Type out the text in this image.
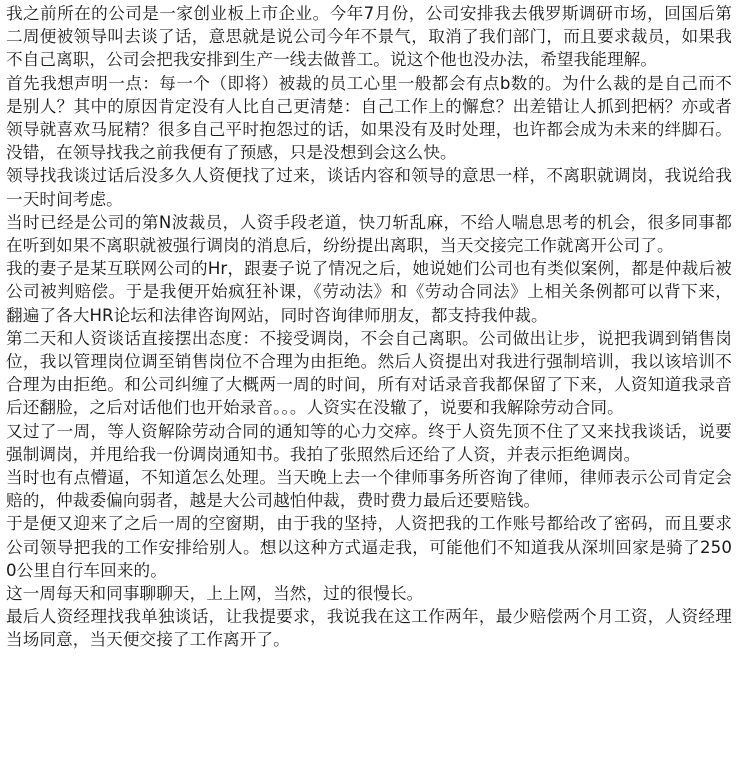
我之前所在的公司是一家创业板上市企业。今年7月份，公司安排我去俄罗斯调研市场，回国后第二周便被领导叫去谈了话，意思就是说公司今年不景气，取消了我们部门，而且要求裁员，如果我不自己离职，公司会把我安排到生产一线去做普工。说这个他也没办法，希望我能理解。

首先我想声明一点：每一个（即将）被裁的员工心里一般都会有点b数的。为什么裁的是自己而不是别人？其中的原因肯定没有人比自己更清楚：自己工作上的懈怠？出差错让人抓到把柄？亦或者领导就喜欢马屁精？很多自己平时抱怨过的话，如果没有及时处理，也许都会成为未来的绊脚石。没错，在领导找我之前我便有了预感，只是没想到会这么快。

领导找我谈过话后没多久人资便找了过来，谈话内容和领导的意思一样，不离职就调岗，我说给我一天时间考虑。

当时已经是公司的第N波裁员，人资手段老道，快刀斩乱麻，不给人喘息思考的机会，很多同事都在听到如果不离职就被强行调岗的消息后，纷纷提出离职，当天交接完工作就离开公司了。

我的妻子是某互联网公司的Hr，跟妻子说了情况之后，她说她们公司也有类似案例，都是仲裁后被公司被判赔偿。于是我便开始疯狂补课，《劳动法》和《劳动合同法》上相关条例都可以背下来，翻遍了各大HR论坛和法律咨询网站，同时咨询律师朋友，都支持我仲裁。

第二天和人资谈话直接摆出态度：不接受调岗，不会自己离职。公司做出让步，说把我调到销售岗位，我以管理岗位调至销售岗位不合理为由拒绝。然后人资提出对我进行强制培训，我以该培训不合理为由拒绝。和公司纠缠了大概两一周的时间，所有对话录音我都保留了下来，人资知道我录音后还翻脸，之后对话他们也开始录音。。。人资实在没辙了，说要和我解除劳动合同。

又过了一周，等人资解除劳动合同的通知等的心力交瘁。终于人资先顶不住了又来找我谈话，说要强制调岗，并甩给我一份调岗通知书。我拍了张照然后还给了人资，并表示拒绝调岗。

当时也有点懵逼，不知道怎么处理。当天晚上去一个律师事务所咨询了律师，律师表示公司肯定会赔的，仲裁委偏向弱者，越是大公司越怕仲裁，费时费力最后还要赔钱。

于是便又迎来了之后一周的空窗期，由于我的坚持，人资把我的工作账号都给改了密码，而且要求公司领导把我的工作安排给别人。想以这种方式逼走我，可能他们不知道我从深圳回家是骑了2500公里自行车回来的。

这一周每天和同事聊聊天，上上网，当然，过的很慢长。

最后人资经理找我单独谈话，让我提要求，我说我在这工作两年，最少赔偿两个月工资，人资经理当场同意，当天便交接了工作离开了。
